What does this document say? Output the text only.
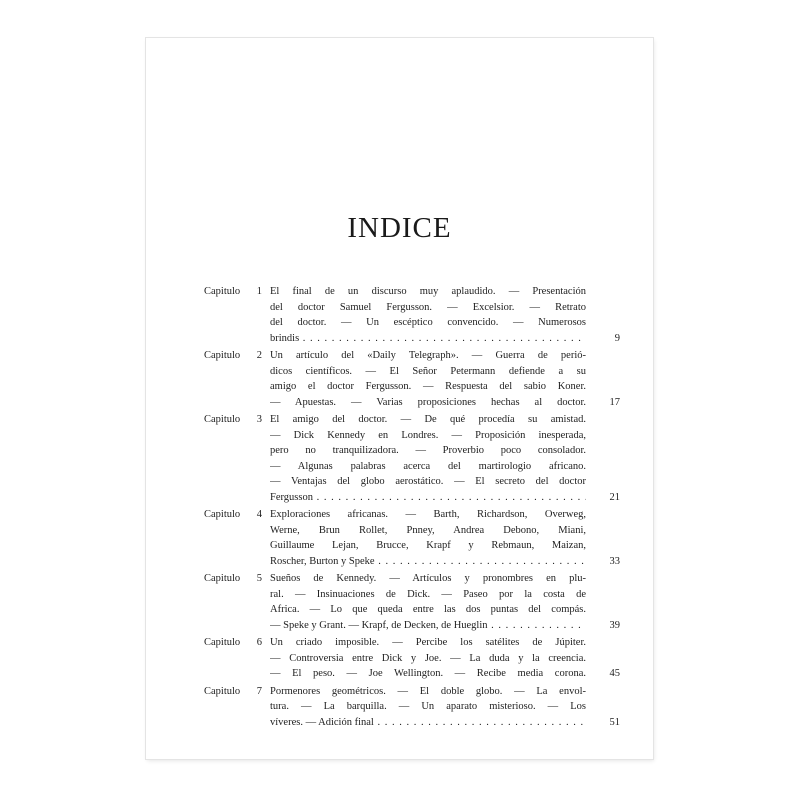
INDICE
Capitulo	1 El final de un discurso muy aplaudido. — Presentación
del doctor Samuel Fergusson. — Excelsior. — Retrato
del doctor. — Un escéptico convencido. — Numerosos
brindis . . .	9
Capitulo	2 Un artículo del «Daily Telegraph». — Guerra de perió-
dicos científicos. — El Señor Petermann defiende a su
amigo el doctor Fergusson. — Respuesta del sabio Koner.
— Apuestas. — Varias proposiciones hechas al doctor.	17
Capitulo	3 El amigo del doctor. — De qué procedía su amistad.
— Dick Kennedy en Londres. — Proposición inesperada,
pero no tranquilizadora. — Proverbio poco consolador.
— Algunas palabras acerca del martirologio africano.
— Ventajas del globo aerostático. — El secreto del doctor
Fergusson . . .	21
Capitulo	4 Exploraciones africanas. — Barth, Richardson, Overweg,
Werne, Brun Rollet, Pnney, Andrea Debono, Miani,
Guillaume Lejan, Brucce, Krapf y Rebmaun, Maizan,
Roscher, Burton y Speke . . .	33
Capitulo	5 Sueños de Kennedy. — Artículos y pronombres en plu-
ral. — Insinuaciones de Dick. — Paseo por la costa de
Africa. — Lo que queda entre las dos puntas del compás.
— Speke y Grant. — Krapf, de Decken, de Hueglin . . .	39
Capitulo	6 Un criado imposible. — Percibe los satélites de Júpiter.
— Controversia entre Dick y Joe. — La duda y la creencia.
— El peso. — Joe Wellington. — Recibe media corona.	45
Capitulo	7 Pormenores geométricos. — El doble globo. — La envol-
tura. — La barquilla. — Un aparato misterioso. — Los
víveres. — Adición final . . .	51
